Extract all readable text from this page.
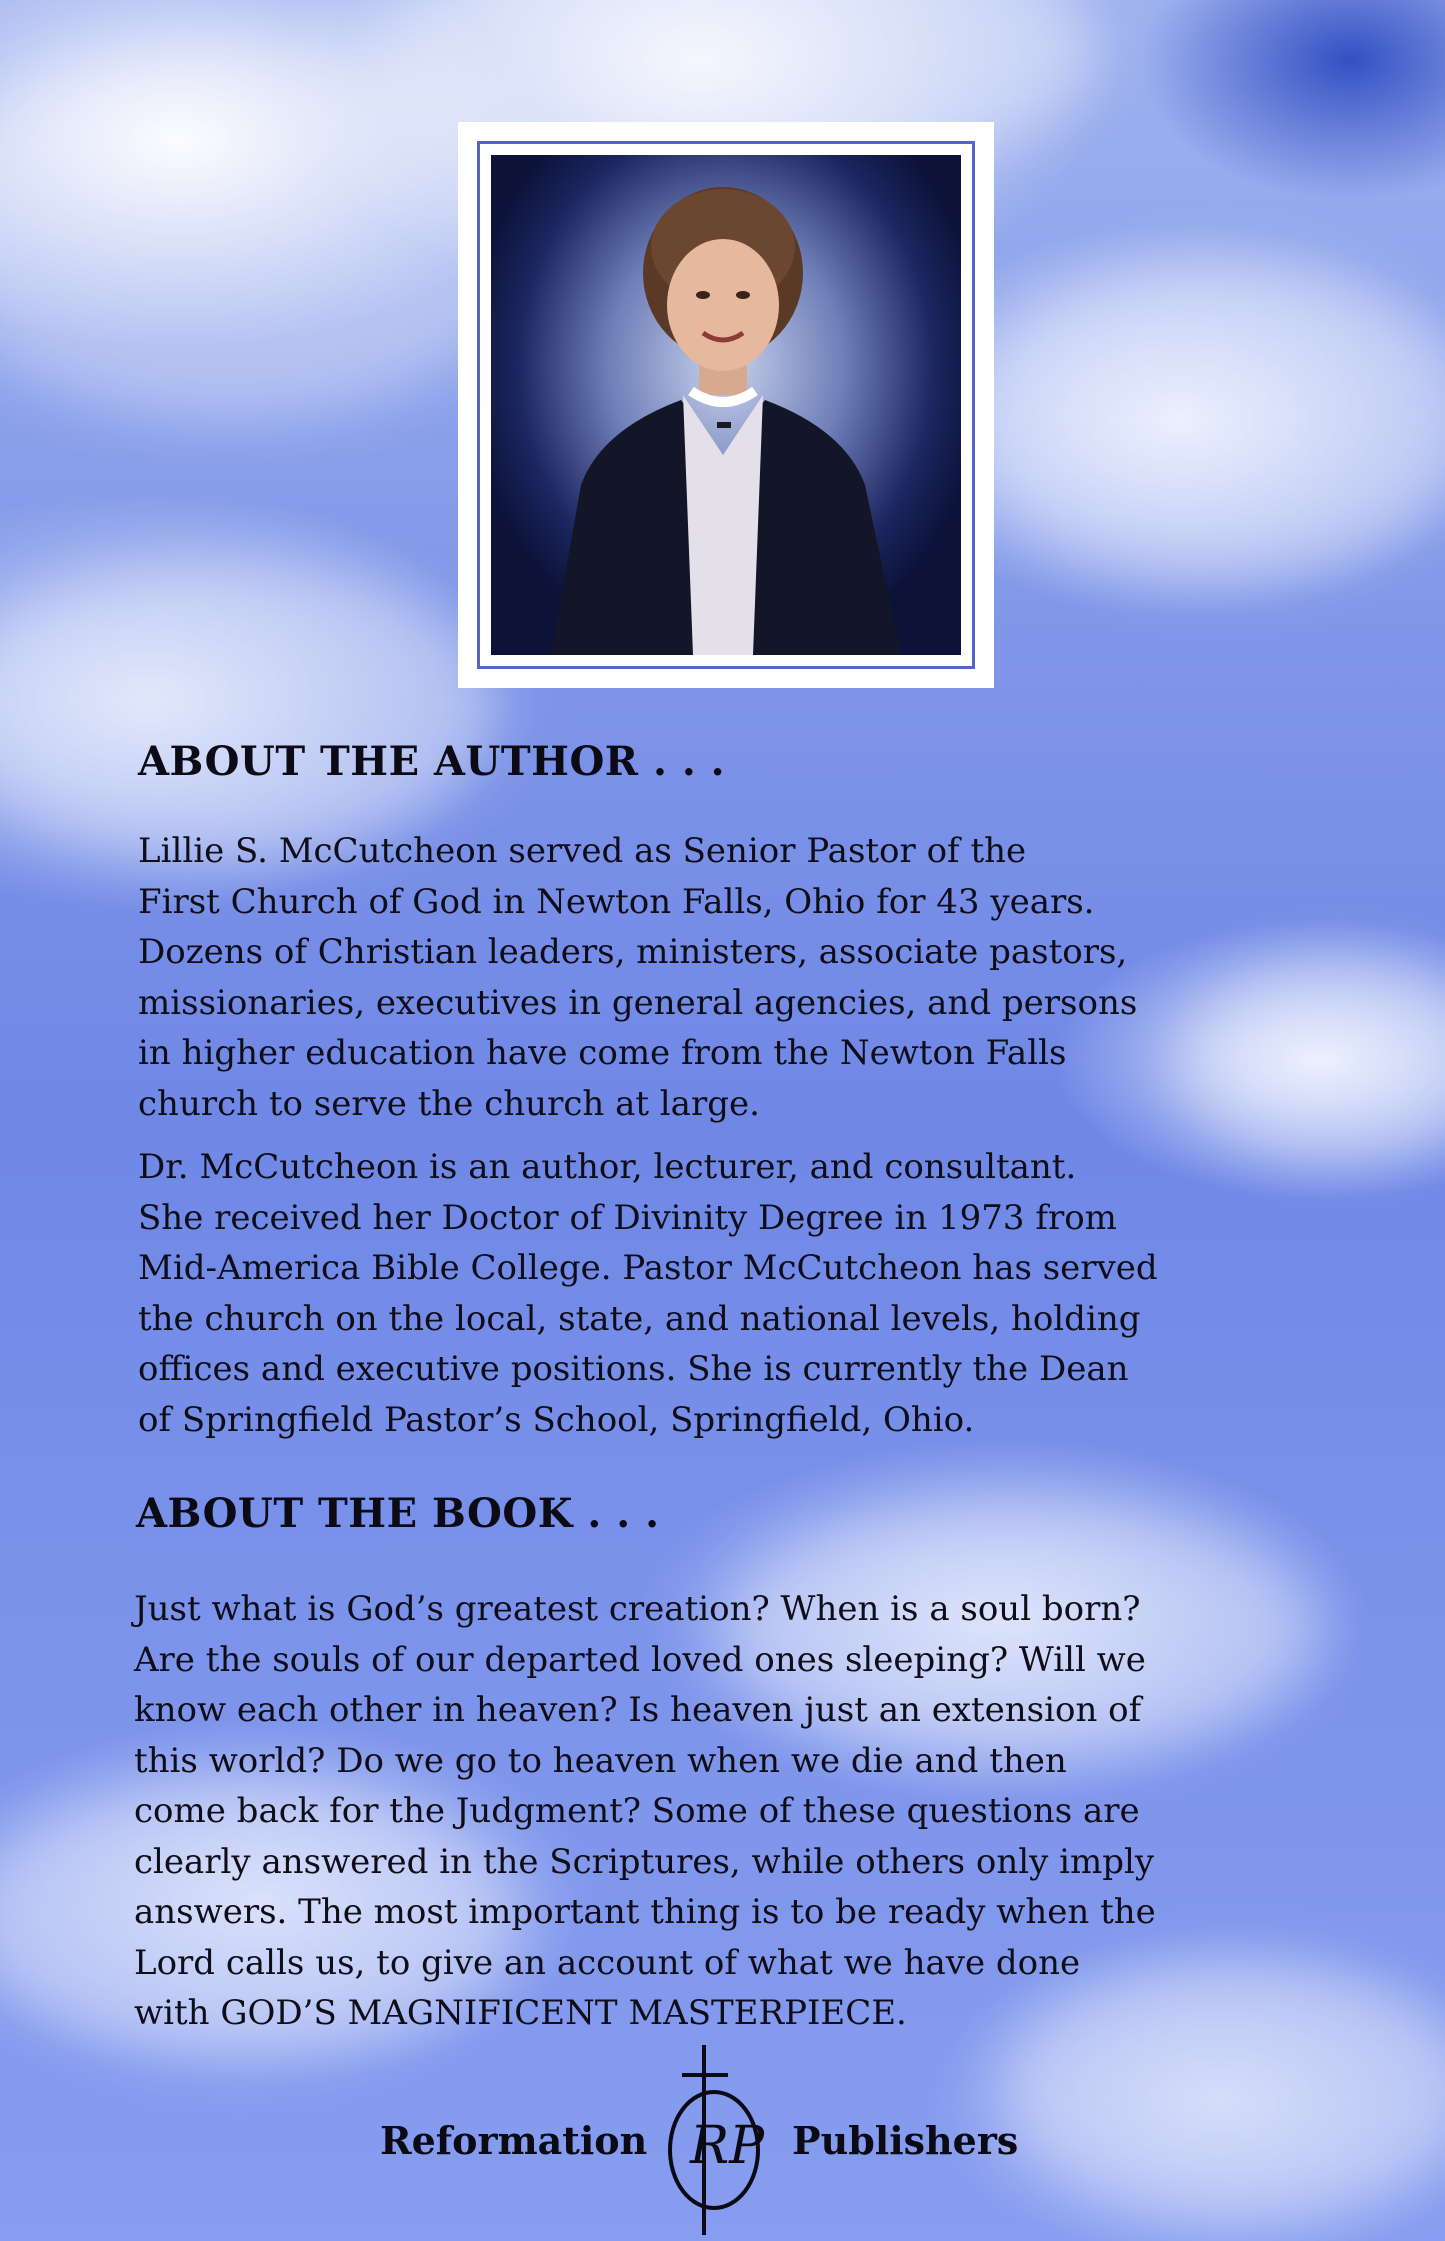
ABOUT THE AUTHOR . . .

Lillie S. McCutcheon served as Senior Pastor of the
First Church of God in Newton Falls, Ohio for 43 years.
Dozens of Christian leaders, ministers, associate pastors,
missionaries, executives in general agencies, and persons
in higher education have come from the Newton Falls
church to serve the church at large.

Dr. McCutcheon is an author, lecturer, and consultant.
She received her Doctor of Divinity Degree in 1973 from
Mid-America Bible College. Pastor McCutcheon has served
the church on the local, state, and national levels, holding
offices and executive positions. She is currently the Dean
of Springfield Pastor’s School, Springfield, Ohio.

ABOUT THE BOOK . . .

Just what is God’s greatest creation? When is a soul born?
Are the souls of our departed loved ones sleeping? Will we
know each other in heaven? Is heaven just an extension of
this world? Do we go to heaven when we die and then
come back for the Judgment? Some of these questions are
clearly answered in the Scriptures, while others only imply
answers. The most important thing is to be ready when the
Lord calls us, to give an account of what we have done
with GOD’S MAGNIFICENT MASTERPIECE.

Reformation RP Publishers
